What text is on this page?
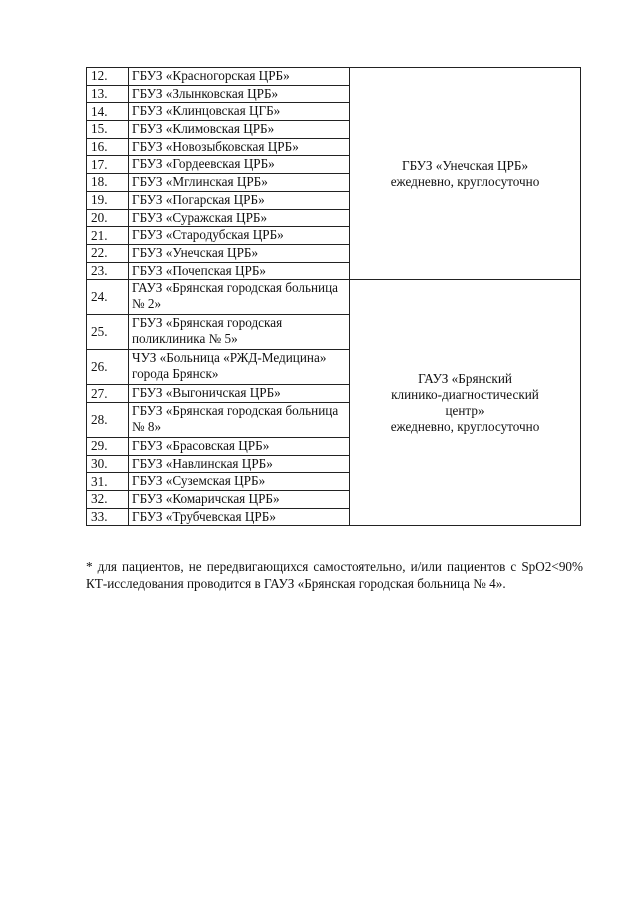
12.	ГБУЗ «Красногорская ЦРБ»	ГБУЗ «Унечская ЦРБ»
ежедневно, круглосуточно

13.	ГБУЗ «Злынковская ЦРБ»	
14.	ГБУЗ «Клинцовская ЦГБ»	
15.	ГБУЗ «Климовская ЦРБ»	
16.	ГБУЗ «Новозыбковская ЦРБ»	
17.	ГБУЗ «Гордеевская ЦРБ»	
18.	ГБУЗ «Мглинская ЦРБ»	
19.	ГБУЗ «Погарская ЦРБ»	
20.	ГБУЗ «Суражская ЦРБ»	
21.	ГБУЗ «Стародубская ЦРБ»	
22.	ГБУЗ «Унечская ЦРБ»	
23.	ГБУЗ «Почепская ЦРБ»	
24.	ГАУЗ «Брянская городская больница № 2»	ГАУЗ «Брянский
клинико-диагностический
центр»
ежедневно, круглосуточно

25.	ГБУЗ «Брянская городская поликлиника № 5»	
26.	ЧУЗ «Больница «РЖД-Медицина» города Брянск»	
27.	ГБУЗ «Выгоничская ЦРБ»	
28.	ГБУЗ «Брянская городская больница № 8»	
29.	ГБУЗ «Брасовская ЦРБ»	
30.	ГБУЗ «Навлинская ЦРБ»	
31.	ГБУЗ «Суземская ЦРБ»	
32.	ГБУЗ «Комаричская ЦРБ»	
33.	ГБУЗ «Трубчевская ЦРБ»	

* для пациентов, не передвигающихся самостоятельно, и/или пациентов с SpO2<90% КТ-исследования проводится в ГАУЗ «Брянская городская больница № 4».
